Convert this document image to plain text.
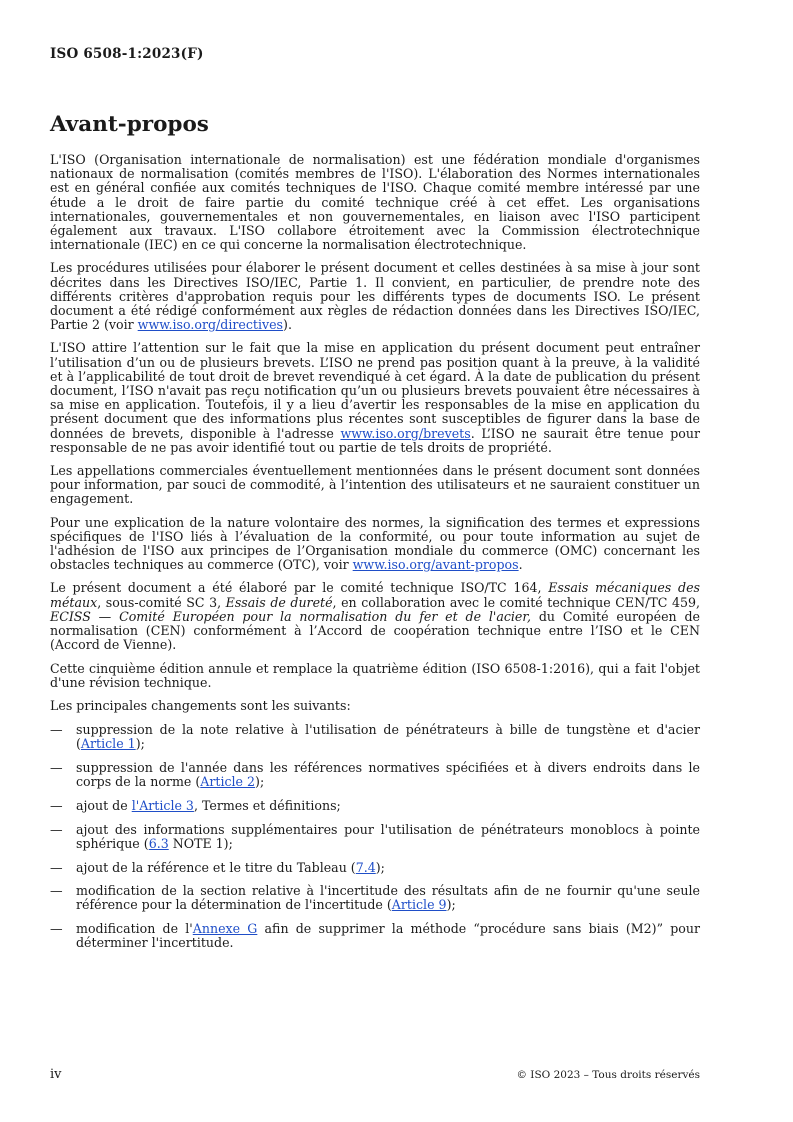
ISO 6508-1:2023(F)
Avant-propos

L'ISO (Organisation internationale de normalisation) est une fédération mondiale d'organismes nationaux de normalisation (comités membres de l'ISO). L'élaboration des Normes internationales est en général confiée aux comités techniques de l'ISO. Chaque comité membre intéressé par une étude a le droit de faire partie du comité technique créé à cet effet. Les organisations internationales, gouvernementales et non gouvernementales, en liaison avec l'ISO participent également aux travaux. L'ISO collabore étroitement avec la Commission électrotechnique internationale (IEC) en ce qui concerne la normalisation électrotechnique.

Les procédures utilisées pour élaborer le présent document et celles destinées à sa mise à jour sont décrites dans les Directives ISO/IEC, Partie 1. Il convient, en particulier, de prendre note des différents critères d'approbation requis pour les différents types de documents ISO. Le présent document a été rédigé conformément aux règles de rédaction données dans les Directives ISO/IEC, Partie 2 (voir www.iso.org/directives).

L'ISO attire l’attention sur le fait que la mise en application du présent document peut entraîner l’utilisation d’un ou de plusieurs brevets. L’ISO ne prend pas position quant à la preuve, à la validité et à l’applicabilité de tout droit de brevet revendiqué à cet égard. À la date de publication du présent document, l’ISO n'avait pas reçu notification qu’un ou plusieurs brevets pouvaient être nécessaires à sa mise en application. Toutefois, il y a lieu d’avertir les responsables de la mise en application du présent document que des informations plus récentes sont susceptibles de figurer dans la base de données de brevets, disponible à l'adresse www.iso.org/brevets. L’ISO ne saurait être tenue pour responsable de ne pas avoir identifié tout ou partie de tels droits de propriété.

Les appellations commerciales éventuellement mentionnées dans le présent document sont données pour information, par souci de commodité, à l’intention des utilisateurs et ne sauraient constituer un engagement.

Pour une explication de la nature volontaire des normes, la signification des termes et expressions spécifiques de l'ISO liés à l’évaluation de la conformité, ou pour toute information au sujet de l'adhésion de l'ISO aux principes de l’Organisation mondiale du commerce (OMC) concernant les obstacles techniques au commerce (OTC), voir www.iso.org/avant-propos.

Le présent document a été élaboré par le comité technique ISO/TC 164, Essais mécaniques des métaux, sous-comité SC 3, Essais de dureté, en collaboration avec le comité technique CEN/TC 459, ECISS — Comité Européen pour la normalisation du fer et de l'acier, du Comité européen de normalisation (CEN) conformément à l’Accord de coopération technique entre l’ISO et le CEN (Accord de Vienne).

Cette cinquième édition annule et remplace la quatrième édition (ISO 6508-1:2016), qui a fait l'objet d'une révision technique.

Les principales changements sont les suivants:

— suppression de la note relative à l'utilisation de pénétrateurs à bille de tungstène et d'acier (Article 1);
— suppression de l'année dans les références normatives spécifiées et à divers endroits dans le corps de la norme (Article 2);
— ajout de l'Article 3, Termes et définitions;
— ajout des informations supplémentaires pour l'utilisation de pénétrateurs monoblocs à pointe sphérique (6.3 NOTE 1);
— ajout de la référence et le titre du Tableau (7.4);
— modification de la section relative à l'incertitude des résultats afin de ne fournir qu'une seule référence pour la détermination de l'incertitude (Article 9);
— modification de l'Annexe G afin de supprimer la méthode “procédure sans biais (M2)” pour déterminer l'incertitude.
iv	© ISO 2023 – Tous droits réservés
